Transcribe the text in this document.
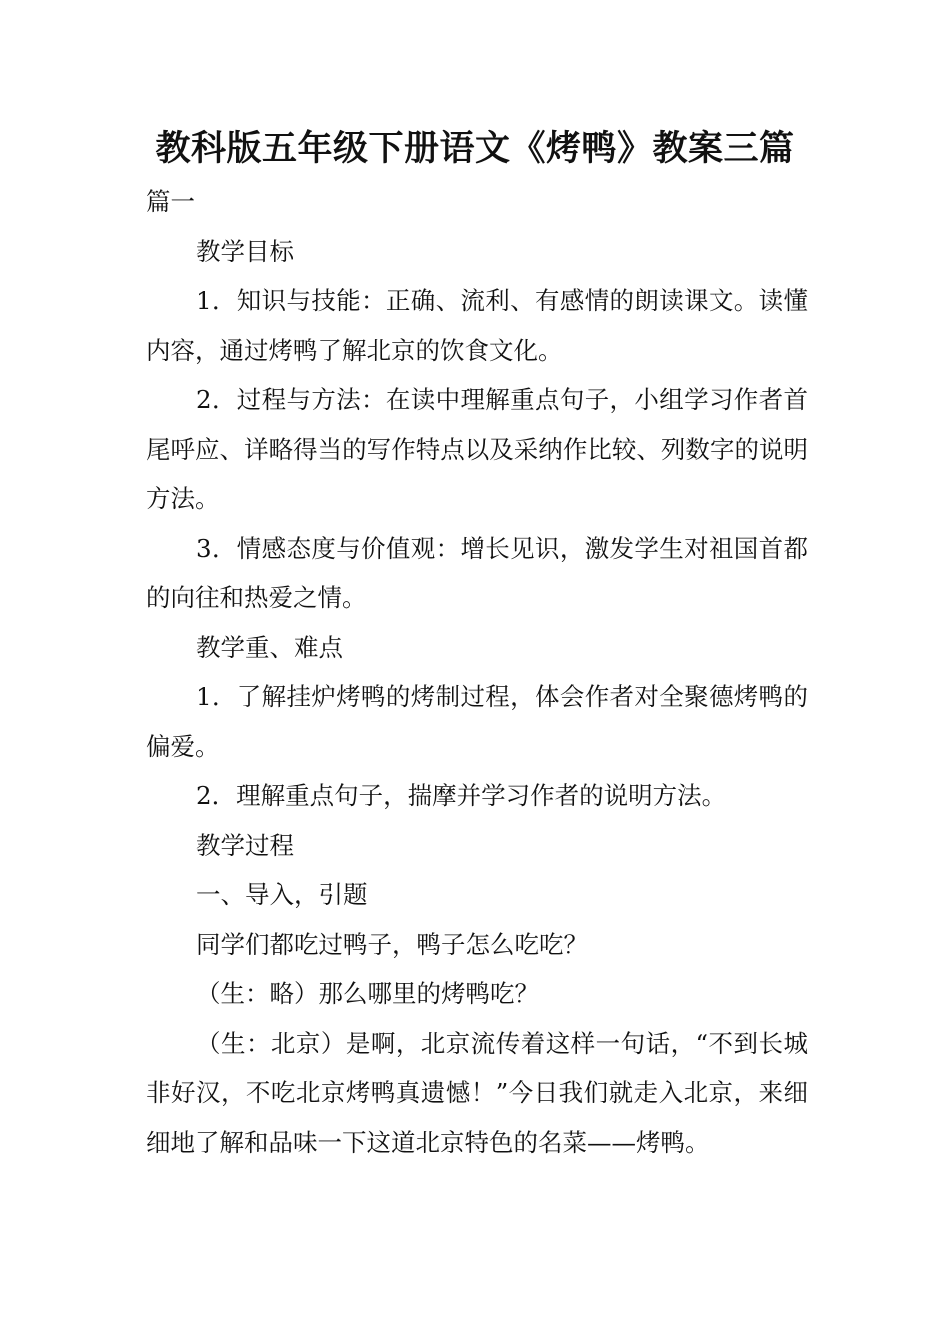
教科版五年级下册语文《烤鸭》教案三篇

篇一

教学目标

1．知识与技能：正确、流利、有感情的朗读课文。读懂内容，通过烤鸭了解北京的饮食文化。

2．过程与方法：在读中理解重点句子，小组学习作者首尾呼应、详略得当的写作特点以及采纳作比较、列数字的说明方法。

3．情感态度与价值观：增长见识，激发学生对祖国首都的向往和热爱之情。

教学重、难点

1．了解挂炉烤鸭的烤制过程，体会作者对全聚德烤鸭的偏爱。

2．理解重点句子，揣摩并学习作者的说明方法。

教学过程

一、导入，引题

同学们都吃过鸭子，鸭子怎么吃吃？

（生：略）那么哪里的烤鸭吃？

（生：北京）是啊，北京流传着这样一句话，“不到长城非好汉，不吃北京烤鸭真遗憾！”今日我们就走入北京，来细细地了解和品味一下这道北京特色的名菜——烤鸭。
